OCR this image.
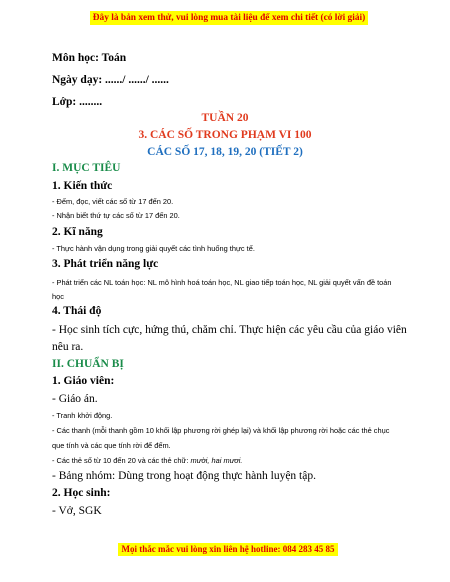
Đây là bản xem thử, vui lòng mua tài liệu để xem chi tiết (có lời giải)
Môn học: Toán
Ngày dạy: ....../ ....../ ......
Lớp: ........
TUẦN 20
3. CÁC SỐ TRONG PHẠM VI 100
CÁC SỐ 17, 18, 19, 20 (TIẾT 2)
I. MỤC TIÊU
1. Kiến thức
- Đếm, đọc, viết các số từ 17 đến 20.
- Nhận biết thứ tự các số từ 17 đến 20.
2. Kĩ năng
- Thực hành vận dụng trong giải quyết các tình huống thực tế.
3. Phát triển năng lực
- Phát triển các NL toán học: NL mô hình hoá toán học, NL giao tiếp toán học, NL giải quyết vấn đề toán
học
4. Thái độ
- Học sinh tích cực, hứng thú, chăm chỉ. Thực hiện các yêu cầu của giáo viên
nêu ra.
II. CHUẨN BỊ
1. Giáo viên:
- Giáo án.
- Tranh khởi động.
- Các thanh (mỗi thanh gồm 10 khối lập phương rời ghép lại) và khối lập phương rời hoặc các thẻ chục
que tính và các que tính rời để đếm.
- Các thẻ số từ 10 đến 20 và các thẻ chữ: mười, hai mươi.
- Bảng nhóm: Dùng trong hoạt động thực hành luyện tập.
2. Học sinh:
- Vở, SGK
Mọi thắc mắc vui lòng xin liên hệ hotline: 084 283 45 85
